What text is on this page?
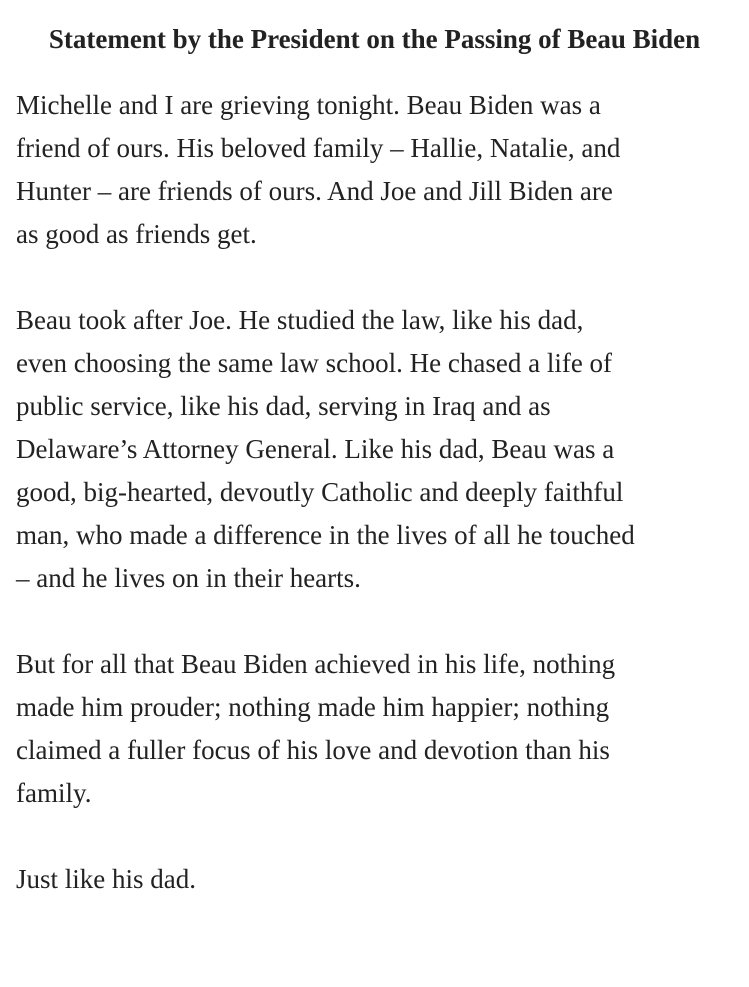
Statement by the President on the Passing of Beau Biden

Michelle and I are grieving tonight. Beau Biden was a
friend of ours. His beloved family – Hallie, Natalie, and
Hunter – are friends of ours. And Joe and Jill Biden are
as good as friends get.

Beau took after Joe. He studied the law, like his dad,
even choosing the same law school. He chased a life of
public service, like his dad, serving in Iraq and as
Delaware’s Attorney General. Like his dad, Beau was a
good, big-hearted, devoutly Catholic and deeply faithful
man, who made a difference in the lives of all he touched
– and he lives on in their hearts.

But for all that Beau Biden achieved in his life, nothing
made him prouder; nothing made him happier; nothing
claimed a fuller focus of his love and devotion than his
family.

Just like his dad.
